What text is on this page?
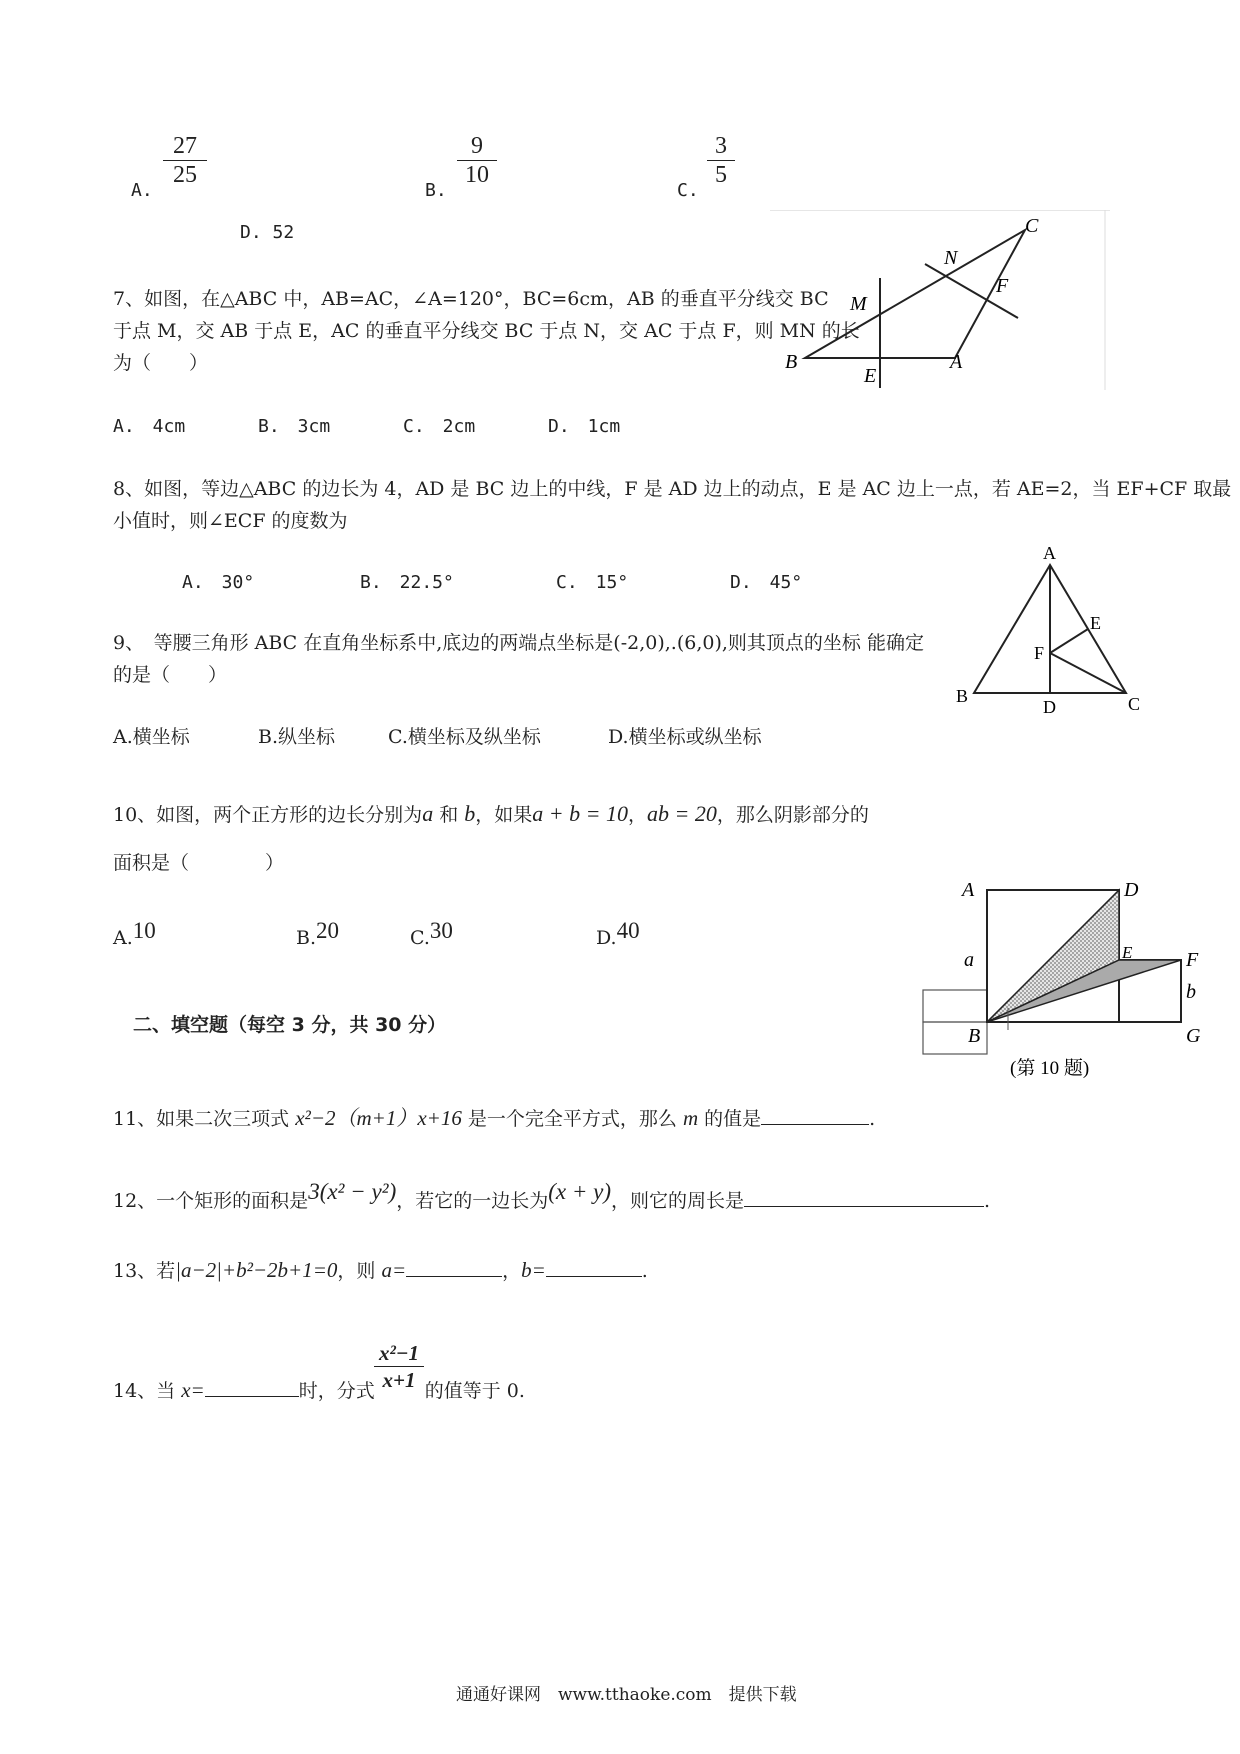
A.
$\frac{27}{25}$
B.
$\frac{9}{10}$
C.
$\frac{3}{5}$
D. 52
7、如图，在△ABC 中，AB=AC，∠A=120°，BC=6cm，AB 的垂直平分线交 BC
于点 M，交 AB 于点 E，AC 的垂直平分线交 BC 于点 N，交 AC 于点 F，则 MN 的长
为（　　）
A.　4cm	B.　3cm	C.　2cm	D.　1cm
B
E
A
M
N
F
C
8、如图，等边△ABC 的边长为 4，AD 是 BC 边上的中线，F 是 AD 边上的动点，E 是 AC 边上一点，若 AE=2，当 EF+CF 取最
小值时，则∠ECF 的度数为
A.　30°	B.　22.5°	C.　15°	D.　45°
A
B	C
D
E
F
9、　等腰三角形 ABC 在直角坐标系中,底边的两端点坐标是(-2,0),.(6,0),则其顶点的坐标 能确定
的是（　　）
A.横坐标	B.纵坐标	C.横坐标及纵坐标	D.横坐标或纵坐标
10、如图，两个正方形的边长分别为a 和 b，如果a + b = 10，ab = 20，那么阴影部分的
面积是（　　　　）
A.10	B.20	C.30	D.40
A	D
E	F
a
b
B	G
(第 10 题)
二、填空题（每空 3 分，共 30 分）
11、如果二次三项式 x²−2（m+1）x+16 是一个完全平方式，那么 m 的值是	.
12、一个矩形的面积是3(x² − y²)，若它的一边长为(x + y)，则它的周长是	.
13、若|a−2|+b²−2b+1=0，则 a=	，b=	.
14、当 x=	时，分式	的值等于 0.
$\frac{\text{x²−1}}{x+1}$
通通好课网　www.tthaoke.com　提供下载
